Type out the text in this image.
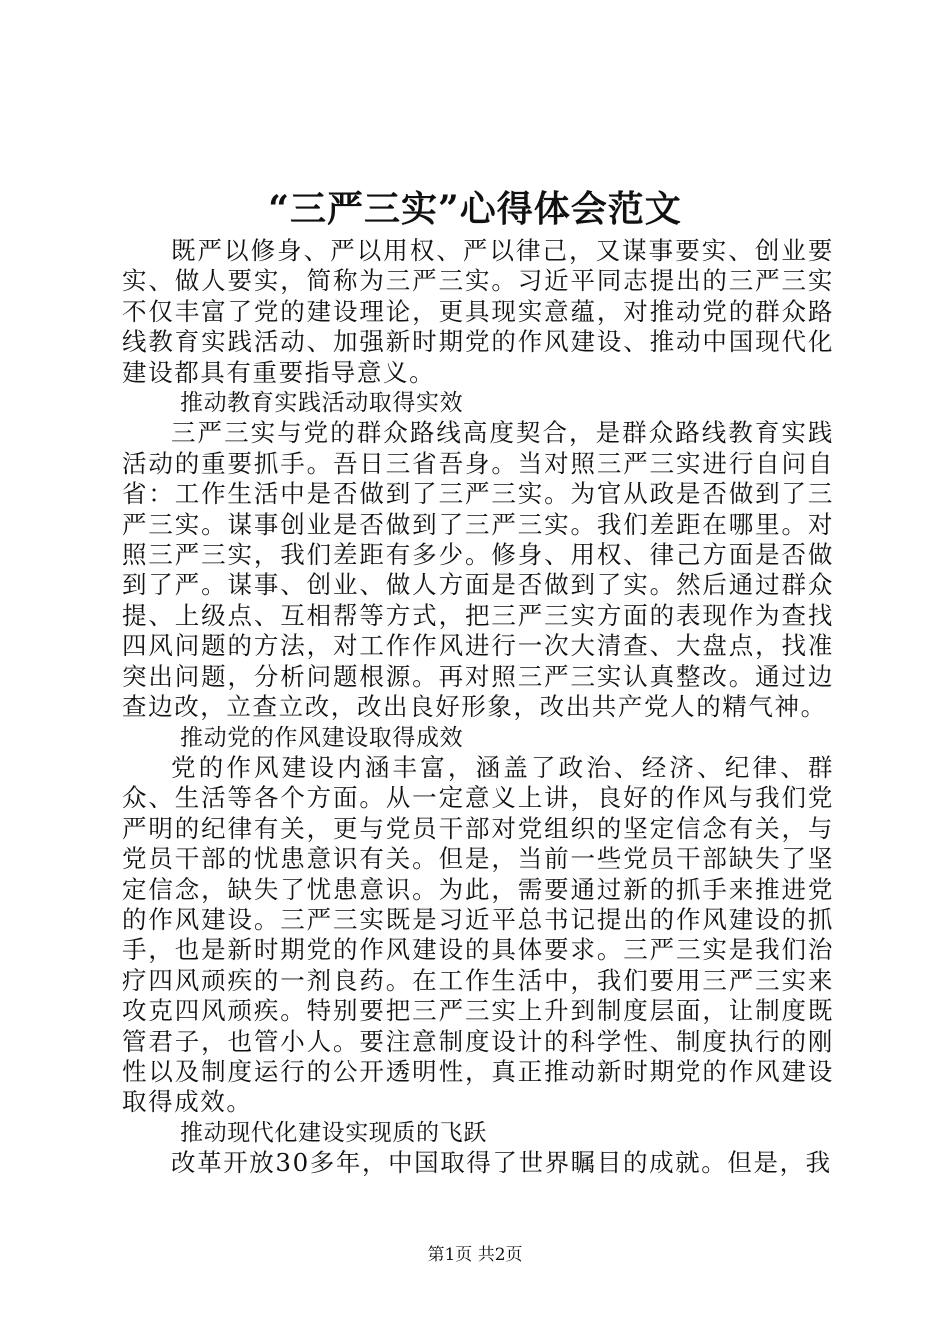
“三严三实”心得体会范文

既严以修身、严以用权、严以律己，又谋事要实、创业要实、做人要实，简称为三严三实。习近平同志提出的三严三实不仅丰富了党的建设理论，更具现实意蕴，对推动党的群众路线教育实践活动、加强新时期党的作风建设、推动中国现代化建设都具有重要指导意义。

推动教育实践活动取得实效

三严三实与党的群众路线高度契合，是群众路线教育实践活动的重要抓手。吾日三省吾身。当对照三严三实进行自问自省：工作生活中是否做到了三严三实。为官从政是否做到了三严三实。谋事创业是否做到了三严三实。我们差距在哪里。对照三严三实，我们差距有多少。修身、用权、律己方面是否做到了严。谋事、创业、做人方面是否做到了实。然后通过群众提、上级点、互相帮等方式，把三严三实方面的表现作为查找四风问题的方法，对工作作风进行一次大清查、大盘点，找准突出问题，分析问题根源。再对照三严三实认真整改。通过边查边改，立查立改，改出良好形象，改出共产党人的精气神。

推动党的作风建设取得成效

党的作风建设内涵丰富，涵盖了政治、经济、纪律、群众、生活等各个方面。从一定意义上讲，良好的作风与我们党严明的纪律有关，更与党员干部对党组织的坚定信念有关，与党员干部的忧患意识有关。但是，当前一些党员干部缺失了坚定信念，缺失了忧患意识。为此，需要通过新的抓手来推进党的作风建设。三严三实既是习近平总书记提出的作风建设的抓手，也是新时期党的作风建设的具体要求。三严三实是我们治疗四风顽疾的一剂良药。在工作生活中，我们要用三严三实来攻克四风顽疾。特别要把三严三实上升到制度层面，让制度既管君子，也管小人。要注意制度设计的科学性、制度执行的刚性以及制度运行的公开透明性，真正推动新时期党的作风建设取得成效。

推动现代化建设实现质的飞跃

改革开放30多年，中国取得了世界瞩目的成就。但是，我

第1页 共2页
